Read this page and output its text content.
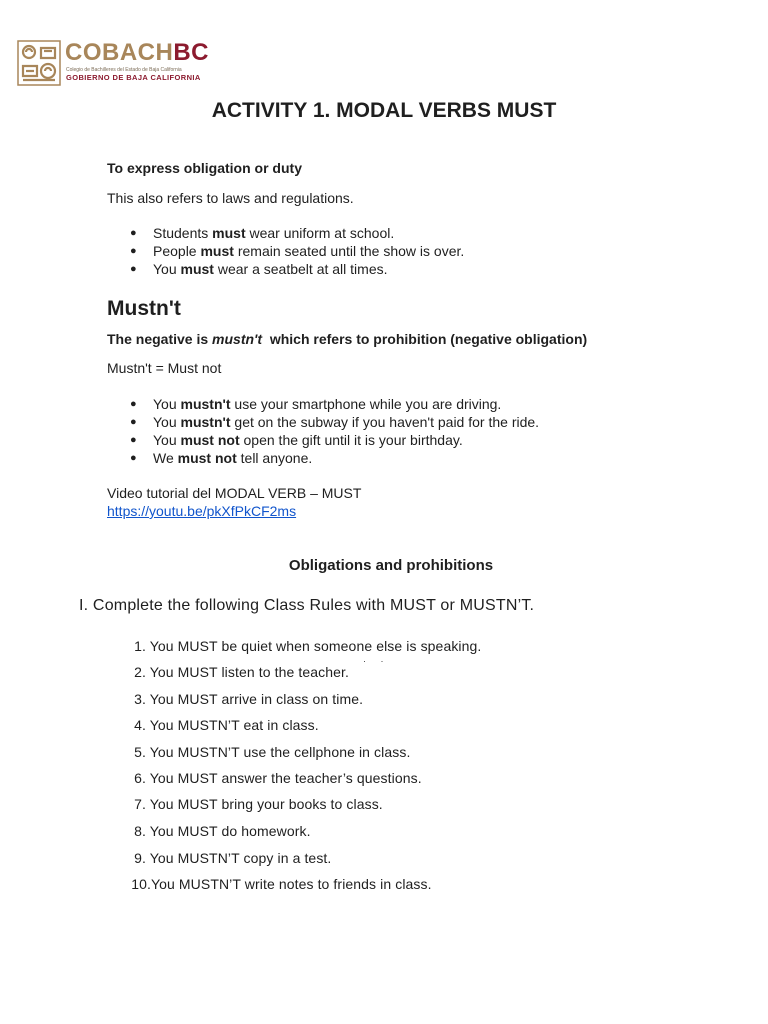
COBACHBC
Colegio de Bachilleres del Estado de Baja California
GOBIERNO DE BAJA CALIFORNIA
ACTIVITY 1. MODAL VERBS MUST
To express obligation or duty
This also refers to laws and regulations.
● Students must wear uniform at school.
● People must remain seated until the show is over.
● You must wear a seatbelt at all times.
Mustn't
The negative is mustn't  which refers to prohibition (negative obligation)
Mustn't = Must not
● You mustn't use your smartphone while you are driving.
● You mustn't get on the subway if you haven't paid for the ride.
● You must not open the gift until it is your birthday.
● We must not tell anyone.
Video tutorial del MODAL VERB – MUST
https://youtu.be/pkXfPkCF2ms
Obligations and prohibitions
I. Complete the following Class Rules with MUST or MUSTN’T.
1. You MUST be quiet when someone else is speaking.
2. You MUST listen to the teacher.
3. You MUST arrive in class on time.
4. You MUSTN’T eat in class.
5. You MUSTN’T use the cellphone in class.
6. You MUST answer the teacher’s questions.
7. You MUST bring your books to class.
8. You MUST do homework.
9. You MUSTN’T copy in a test.
10.You MUSTN’T write notes to friends in class.
· ·
